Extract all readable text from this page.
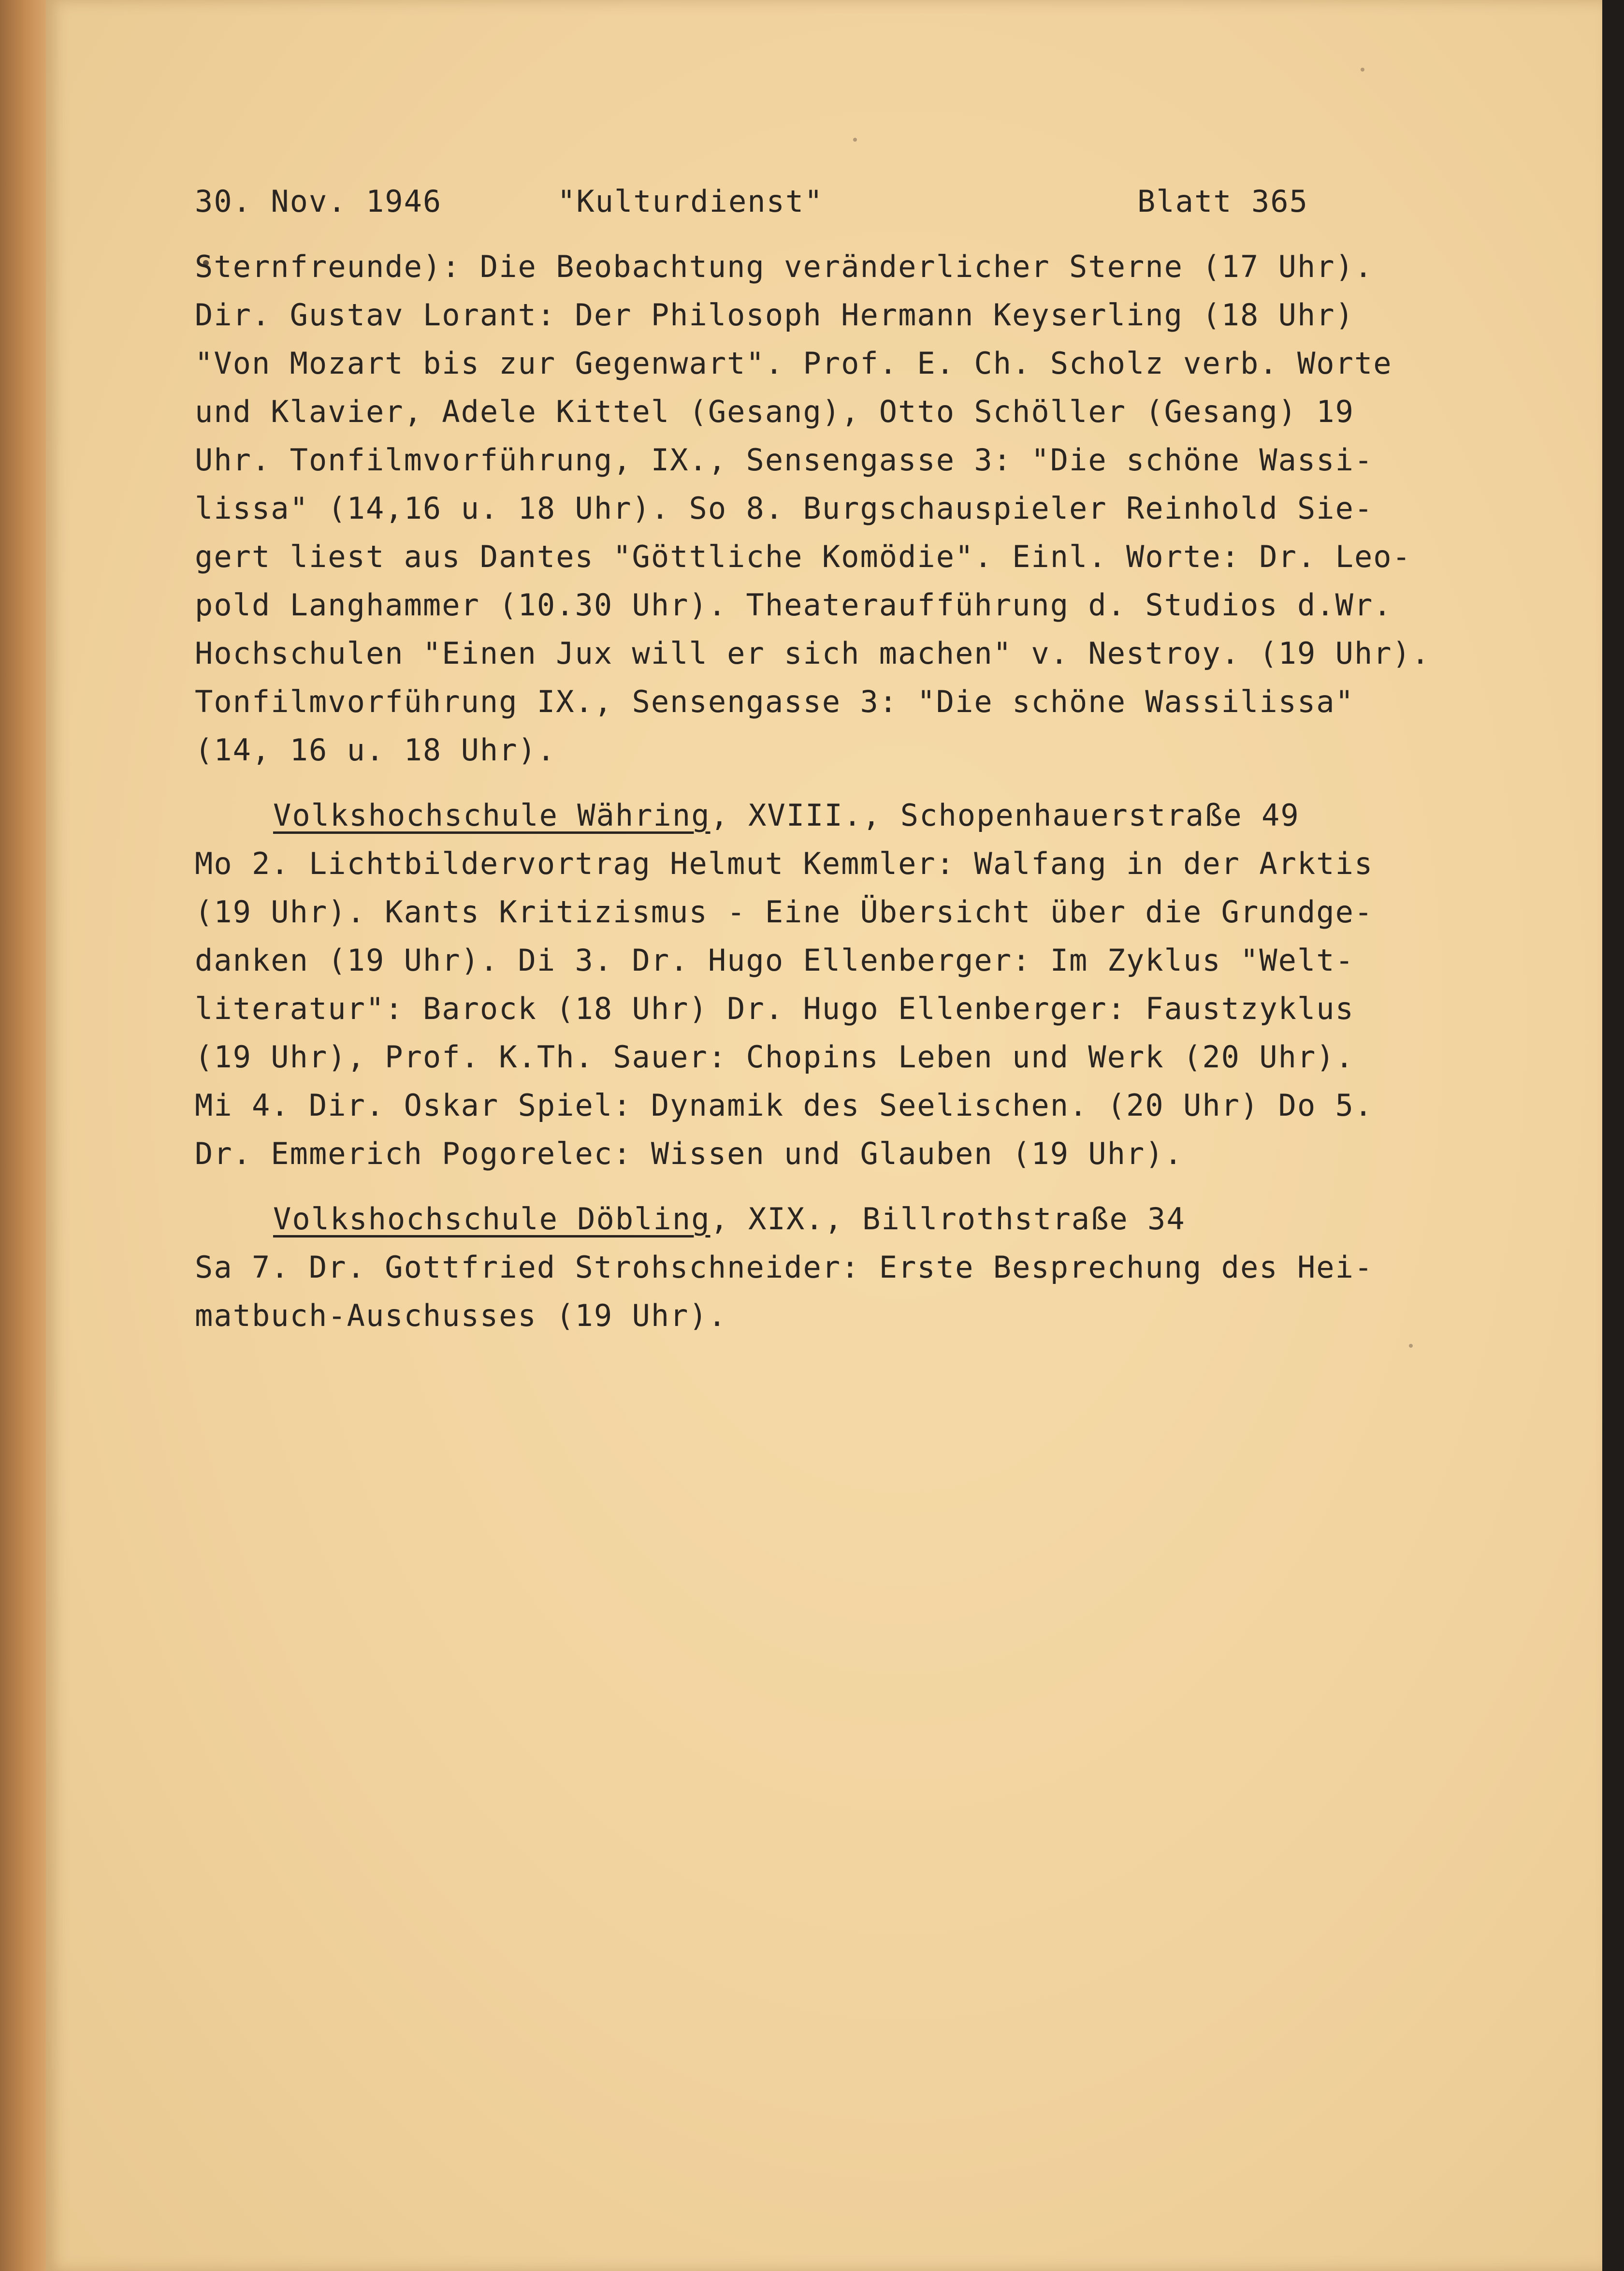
30. Nov. 1946	"Kulturdienst"	Blatt 365

Sternfreunde): Die Beobachtung veränderlicher Sterne (17 Uhr).

Dir. Gustav Lorant: Der Philosoph Hermann Keyserling (18 Uhr)

"Von Mozart bis zur Gegenwart". Prof. E. Ch. Scholz verb. Worte

und Klavier, Adele Kittel (Gesang), Otto Schöller (Gesang) 19

Uhr. Tonfilmvorführung, IX., Sensengasse 3: "Die schöne Wassi-

lissa" (14,16 u. 18 Uhr). So 8. Burgschauspieler Reinhold Sie-

gert liest aus Dantes "Göttliche Komödie". Einl. Worte: Dr. Leo-

pold Langhammer (10.30 Uhr). Theateraufführung d. Studios d.Wr.

Hochschulen "Einen Jux will er sich machen" v. Nestroy. (19 Uhr).

Tonfilmvorführung IX., Sensengasse 3: "Die schöne Wassilissa"

(14, 16 u. 18 Uhr).

Volkshochschule Währing, XVIII., Schopenhauerstraße 49

Mo 2. Lichtbildervortrag Helmut Kemmler: Walfang in der Arktis

(19 Uhr). Kants Kritizismus - Eine Übersicht über die Grundge-

danken (19 Uhr). Di 3. Dr. Hugo Ellenberger: Im Zyklus "Welt-

literatur": Barock (18 Uhr) Dr. Hugo Ellenberger: Faustzyklus

(19 Uhr), Prof. K.Th. Sauer: Chopins Leben und Werk (20 Uhr).

Mi 4. Dir. Oskar Spiel: Dynamik des Seelischen. (20 Uhr) Do 5.

Dr. Emmerich Pogorelec: Wissen und Glauben (19 Uhr).

Volkshochschule Döbling, XIX., Billrothstraße 34

Sa 7. Dr. Gottfried Strohschneider: Erste Besprechung des Hei-

matbuch-Auschusses (19 Uhr).
